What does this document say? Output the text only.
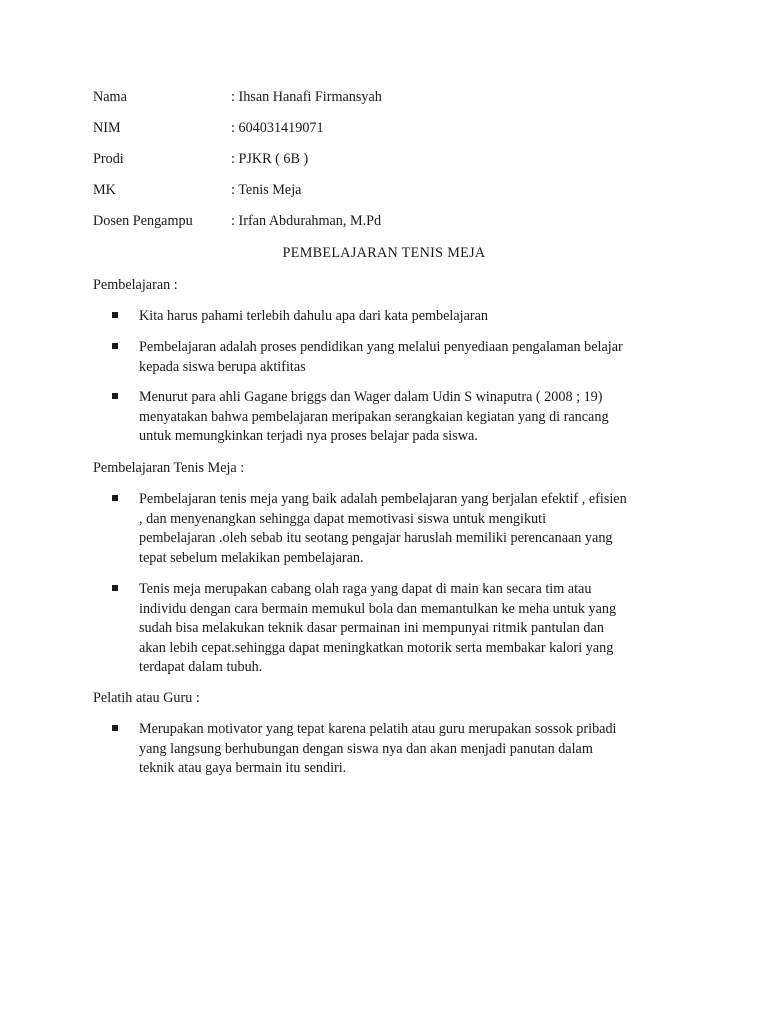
Nama	: Ihsan Hanafi Firmansyah
NIM	: 604031419071
Prodi	: PJKR ( 6B )
MK	: Tenis Meja
Dosen Pengampu	: Irfan Abdurahman, M.Pd
PEMBELAJARAN TENIS MEJA
Pembelajaran :
Kita harus pahami terlebih dahulu apa dari kata pembelajaran
Pembelajaran adalah proses pendidikan yang melalui penyediaan pengalaman belajar
kepada siswa berupa aktifitas
Menurut para ahli Gagane briggs dan Wager dalam Udin S winaputra ( 2008 ; 19)
menyatakan bahwa pembelajaran meripakan serangkaian kegiatan yang di rancang
untuk memungkinkan terjadi nya proses belajar pada siswa.
Pembelajaran Tenis Meja :
Pembelajaran tenis meja yang baik adalah pembelajaran yang berjalan efektif , efisien
, dan menyenangkan sehingga dapat memotivasi siswa untuk mengikuti
pembelajaran .oleh sebab itu seotang pengajar haruslah memiliki perencanaan yang
tepat sebelum melakikan pembelajaran.
Tenis meja merupakan cabang olah raga yang dapat di main kan secara tim atau
individu dengan cara bermain memukul bola dan memantulkan ke meha untuk yang
sudah bisa melakukan teknik dasar permainan ini mempunyai ritmik pantulan dan
akan lebih cepat.sehingga dapat meningkatkan motorik serta membakar kalori yang
terdapat dalam tubuh.
Pelatih atau Guru :
Merupakan motivator yang tepat karena pelatih atau guru merupakan sossok pribadi
yang langsung berhubungan dengan siswa nya dan akan menjadi panutan dalam
teknik atau gaya bermain itu sendiri.
